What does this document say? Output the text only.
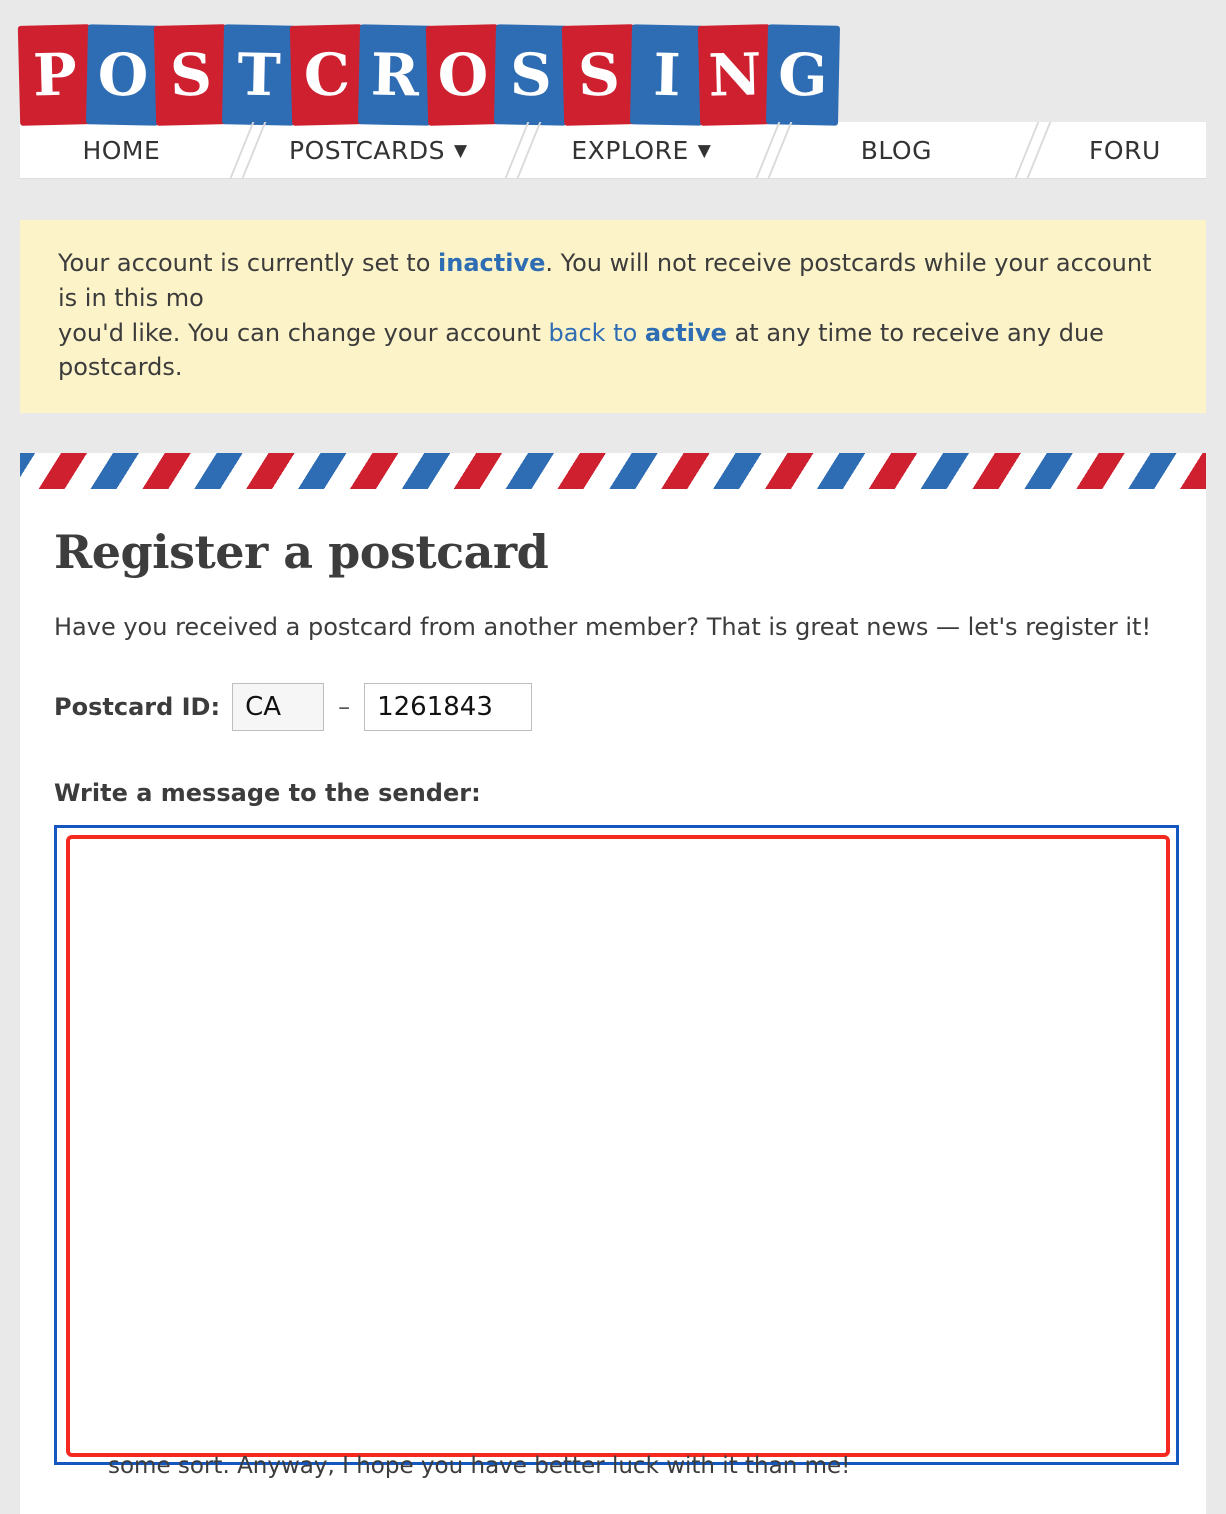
P O S T C R O S S I N G
HOME	POSTCARDS ▼	EXPLORE ▼	BLOG	FORU
Your account is currently set to inactive. You will not receive postcards while your account is in this mo
you'd like. You can change your account back to active at any time to receive any due postcards.
Register a postcard
Have you received a postcard from another member? That is great news — let's register it!
Postcard ID:
CA	–
1261843
Write a message to the sender:
some sort. Anyway, I hope you have better luck with it than me!
